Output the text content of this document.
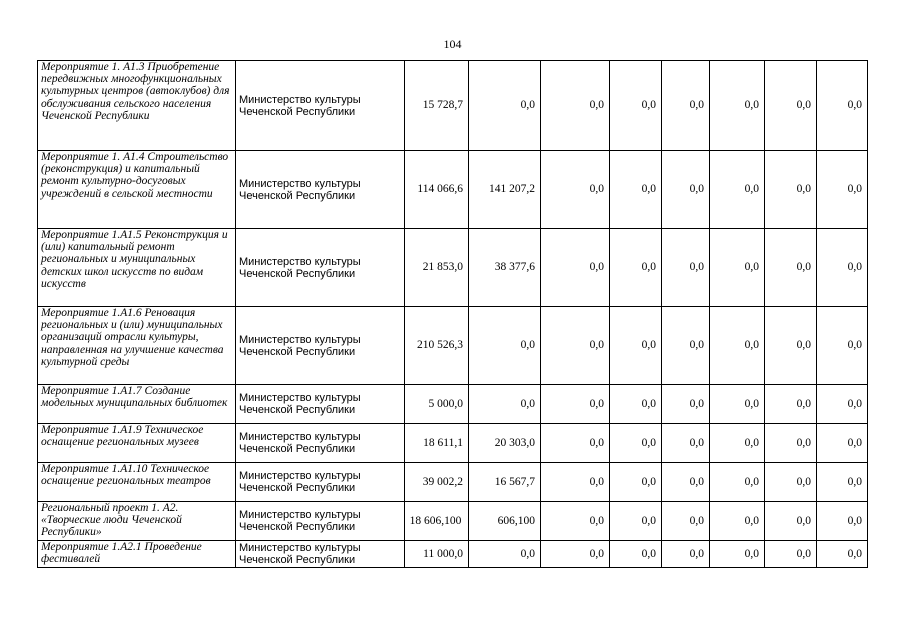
104
Мероприятие 1. А1.3 Приобретение передвижных многофункциональных культурных центров (автоклубов) для обслуживания сельского населения Чеченской Республики	Министерство культуры Чеченской Республики	15 728,7	0,0	0,0	0,0	0,0	0,0	0,0	0,0
Мероприятие 1. А1.4 Строительство (реконструкция) и капитальный ремонт культурно-досуговых учреждений в сельской местности	Министерство культуры Чеченской Республики	114 066,6	141 207,2	0,0	0,0	0,0	0,0	0,0	0,0
Мероприятие 1.А1.5 Реконструкция и (или) капитальный ремонт региональных и муниципальных детских школ искусств по видам искусств	Министерство культуры Чеченской Республики	21 853,0	38 377,6	0,0	0,0	0,0	0,0	0,0	0,0
Мероприятие 1.А1.6 Реновация региональных и (или) муниципальных организаций отрасли культуры, направленная на улучшение качества культурной среды	Министерство культуры Чеченской Республики	210 526,3	0,0	0,0	0,0	0,0	0,0	0,0	0,0
Мероприятие 1.А1.7 Создание модельных муниципальных библиотек	Министерство культуры Чеченской Республики	5 000,0	0,0	0,0	0,0	0,0	0,0	0,0	0,0
Мероприятие 1.А1.9 Техническое оснащение региональных музеев	Министерство культуры Чеченской Республики	18 611,1	20 303,0	0,0	0,0	0,0	0,0	0,0	0,0
Мероприятие 1.А1.10 Техническое оснащение региональных театров	Министерство культуры Чеченской Республики	39 002,2	16 567,7	0,0	0,0	0,0	0,0	0,0	0,0
Региональный проект 1. А2. «Творческие люди Чеченской Республики»	Министерство культуры Чеченской Республики	18 606,100	606,100	0,0	0,0	0,0	0,0	0,0	0,0
Мероприятие 1.А2.1 Проведение фестивалей	Министерство культуры Чеченской Республики	11 000,0	0,0	0,0	0,0	0,0	0,0	0,0	0,0
